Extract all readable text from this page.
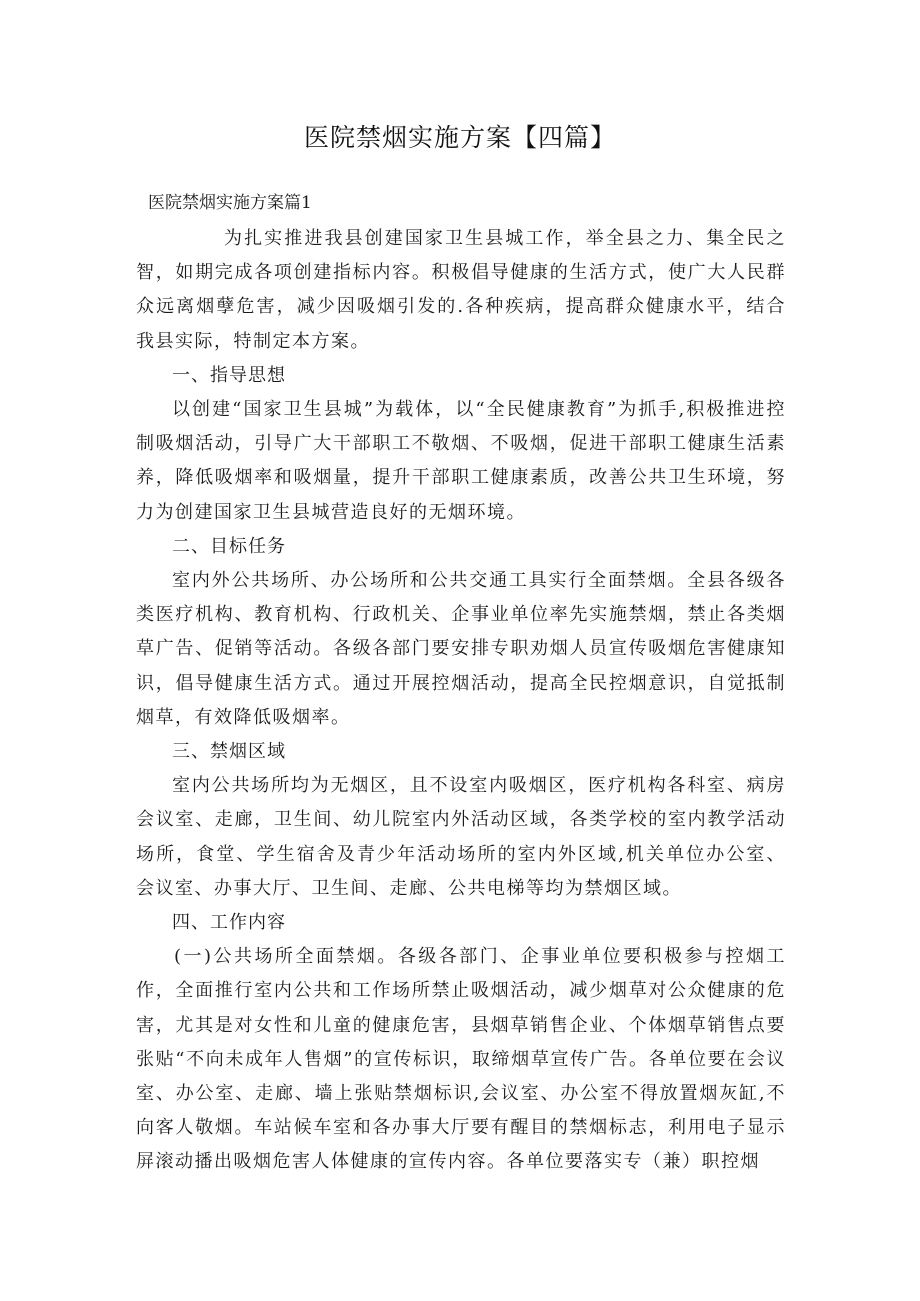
医院禁烟实施方案【四篇】
医院禁烟实施方案篇1

为扎实推进我县创建国家卫生县城工作，举全县之力、集全民之智，如期完成各项创建指标内容。积极倡导健康的生活方式，使广大人民群众远离烟孽危害，减少因吸烟引发的.各种疾病，提高群众健康水平，结合我县实际，特制定本方案。

一、指导思想

以创建“国家卫生县城”为载体，以“全民健康教育”为抓手,积极推进控制吸烟活动，引导广大干部职工不敬烟、不吸烟，促进干部职工健康生活素养，降低吸烟率和吸烟量，提升干部职工健康素质，改善公共卫生环境，努力为创建国家卫生县城营造良好的无烟环境。

二、目标任务

室内外公共场所、办公场所和公共交通工具实行全面禁烟。全县各级各类医疗机构、教育机构、行政机关、企事业单位率先实施禁烟，禁止各类烟草广告、促销等活动。各级各部门要安排专职劝烟人员宣传吸烟危害健康知识，倡导健康生活方式。通过开展控烟活动，提高全民控烟意识，自觉抵制烟草，有效降低吸烟率。

三、禁烟区域

室内公共场所均为无烟区，且不设室内吸烟区，医疗机构各科室、病房会议室、走廊，卫生间、幼儿院室内外活动区域，各类学校的室内教学活动场所，食堂、学生宿舍及青少年活动场所的室内外区域,机关单位办公室、会议室、办事大厅、卫生间、走廊、公共电梯等均为禁烟区域。

四、工作内容

(一)公共场所全面禁烟。各级各部门、企事业单位要积极参与控烟工作，全面推行室内公共和工作场所禁止吸烟活动，减少烟草对公众健康的危害，尤其是对女性和儿童的健康危害，县烟草销售企业、个体烟草销售点要张贴“不向未成年人售烟”的宣传标识，取缔烟草宣传广告。各单位要在会议室、办公室、走廊、墙上张贴禁烟标识,会议室、办公室不得放置烟灰缸,不向客人敬烟。车站候车室和各办事大厅要有醒目的禁烟标志，利用电子显示屏滚动播出吸烟危害人体健康的宣传内容。各单位要落实专（兼）职控烟
